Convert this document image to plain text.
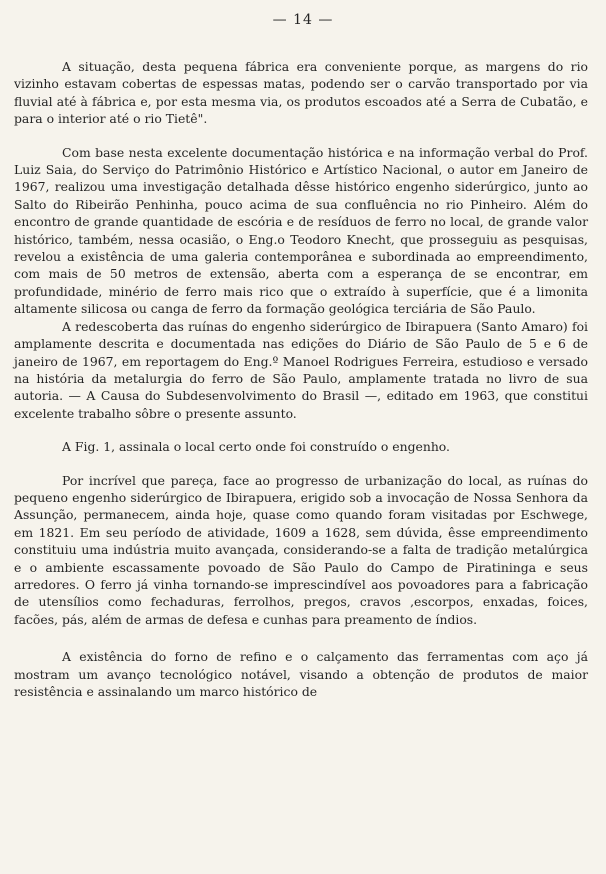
— 14 —

A situação, desta pequena fábrica era conveniente porque, as margens do rio vizinho estavam cobertas de espessas matas, podendo ser o carvão transportado por via fluvial até à fábrica e, por esta mesma via, os produtos escoados até a Serra de Cubatão, e para o interior até o rio Tietê".

Com base nesta excelente documentação histórica e na informação verbal do Prof. Luiz Saia, do Serviço do Patrimônio Histórico e Artístico Nacional, o autor em Janeiro de 1967, realizou uma investigação detalhada dêsse histórico engenho siderúrgico, junto ao Salto do Ribeirão Penhinha, pouco acima de sua confluência no rio Pinheiro. Além do encontro de grande quantidade de escória e de resíduos de ferro no local, de grande valor histórico, também, nessa ocasião, o Eng.o Teodoro Knecht, que prosseguiu as pesquisas, revelou a existência de uma galeria contemporânea e subordinada ao empreendimento, com mais de 50 metros de extensão, aberta com a esperança de se encontrar, em profundidade, minério de ferro mais rico que o extraído à superfície, que é a limonita altamente silicosa ou canga de ferro da formação geológica terciária de São Paulo.

A redescoberta das ruínas do engenho siderúrgico de Ibirapuera (Santo Amaro) foi amplamente descrita e documentada nas edições do Diário de São Paulo de 5 e 6 de janeiro de 1967, em reportagem do Eng.º Manoel Rodrigues Ferreira, estudioso e versado na história da metalurgia do ferro de São Paulo, amplamente tratada no livro de sua autoria. — A Causa do Subdesenvolvimento do Brasil —, editado em 1963, que constitui excelente trabalho sôbre o presente assunto.

A Fig. 1, assinala o local certo onde foi construído o engenho.

Por incrível que pareça, face ao progresso de urbanização do local, as ruínas do pequeno engenho siderúrgico de Ibirapuera, erigido sob a invocação de Nossa Senhora da Assunção, permanecem, ainda hoje, quase como quando foram visitadas por Eschwege, em 1821. Em seu período de atividade, 1609 a 1628, sem dúvida, êsse empreendimento constituiu uma indústria muito avançada, considerando-se a falta de tradição metalúrgica e o ambiente escassamente povoado de São Paulo do Campo de Piratininga e seus arredores. O ferro já vinha tornando-se imprescindível aos povoadores para a fabricação de utensílios como fechaduras, ferrolhos, pregos, cravos ,escorpos, enxadas, foices, facões, pás, além de armas de defesa e cunhas para preamento de índios.

A existência do forno de refino e o calçamento das ferramentas com aço já mostram um avanço tecnológico notável, visando a obtenção de produtos de maior resistência e assinalando um marco histórico de
